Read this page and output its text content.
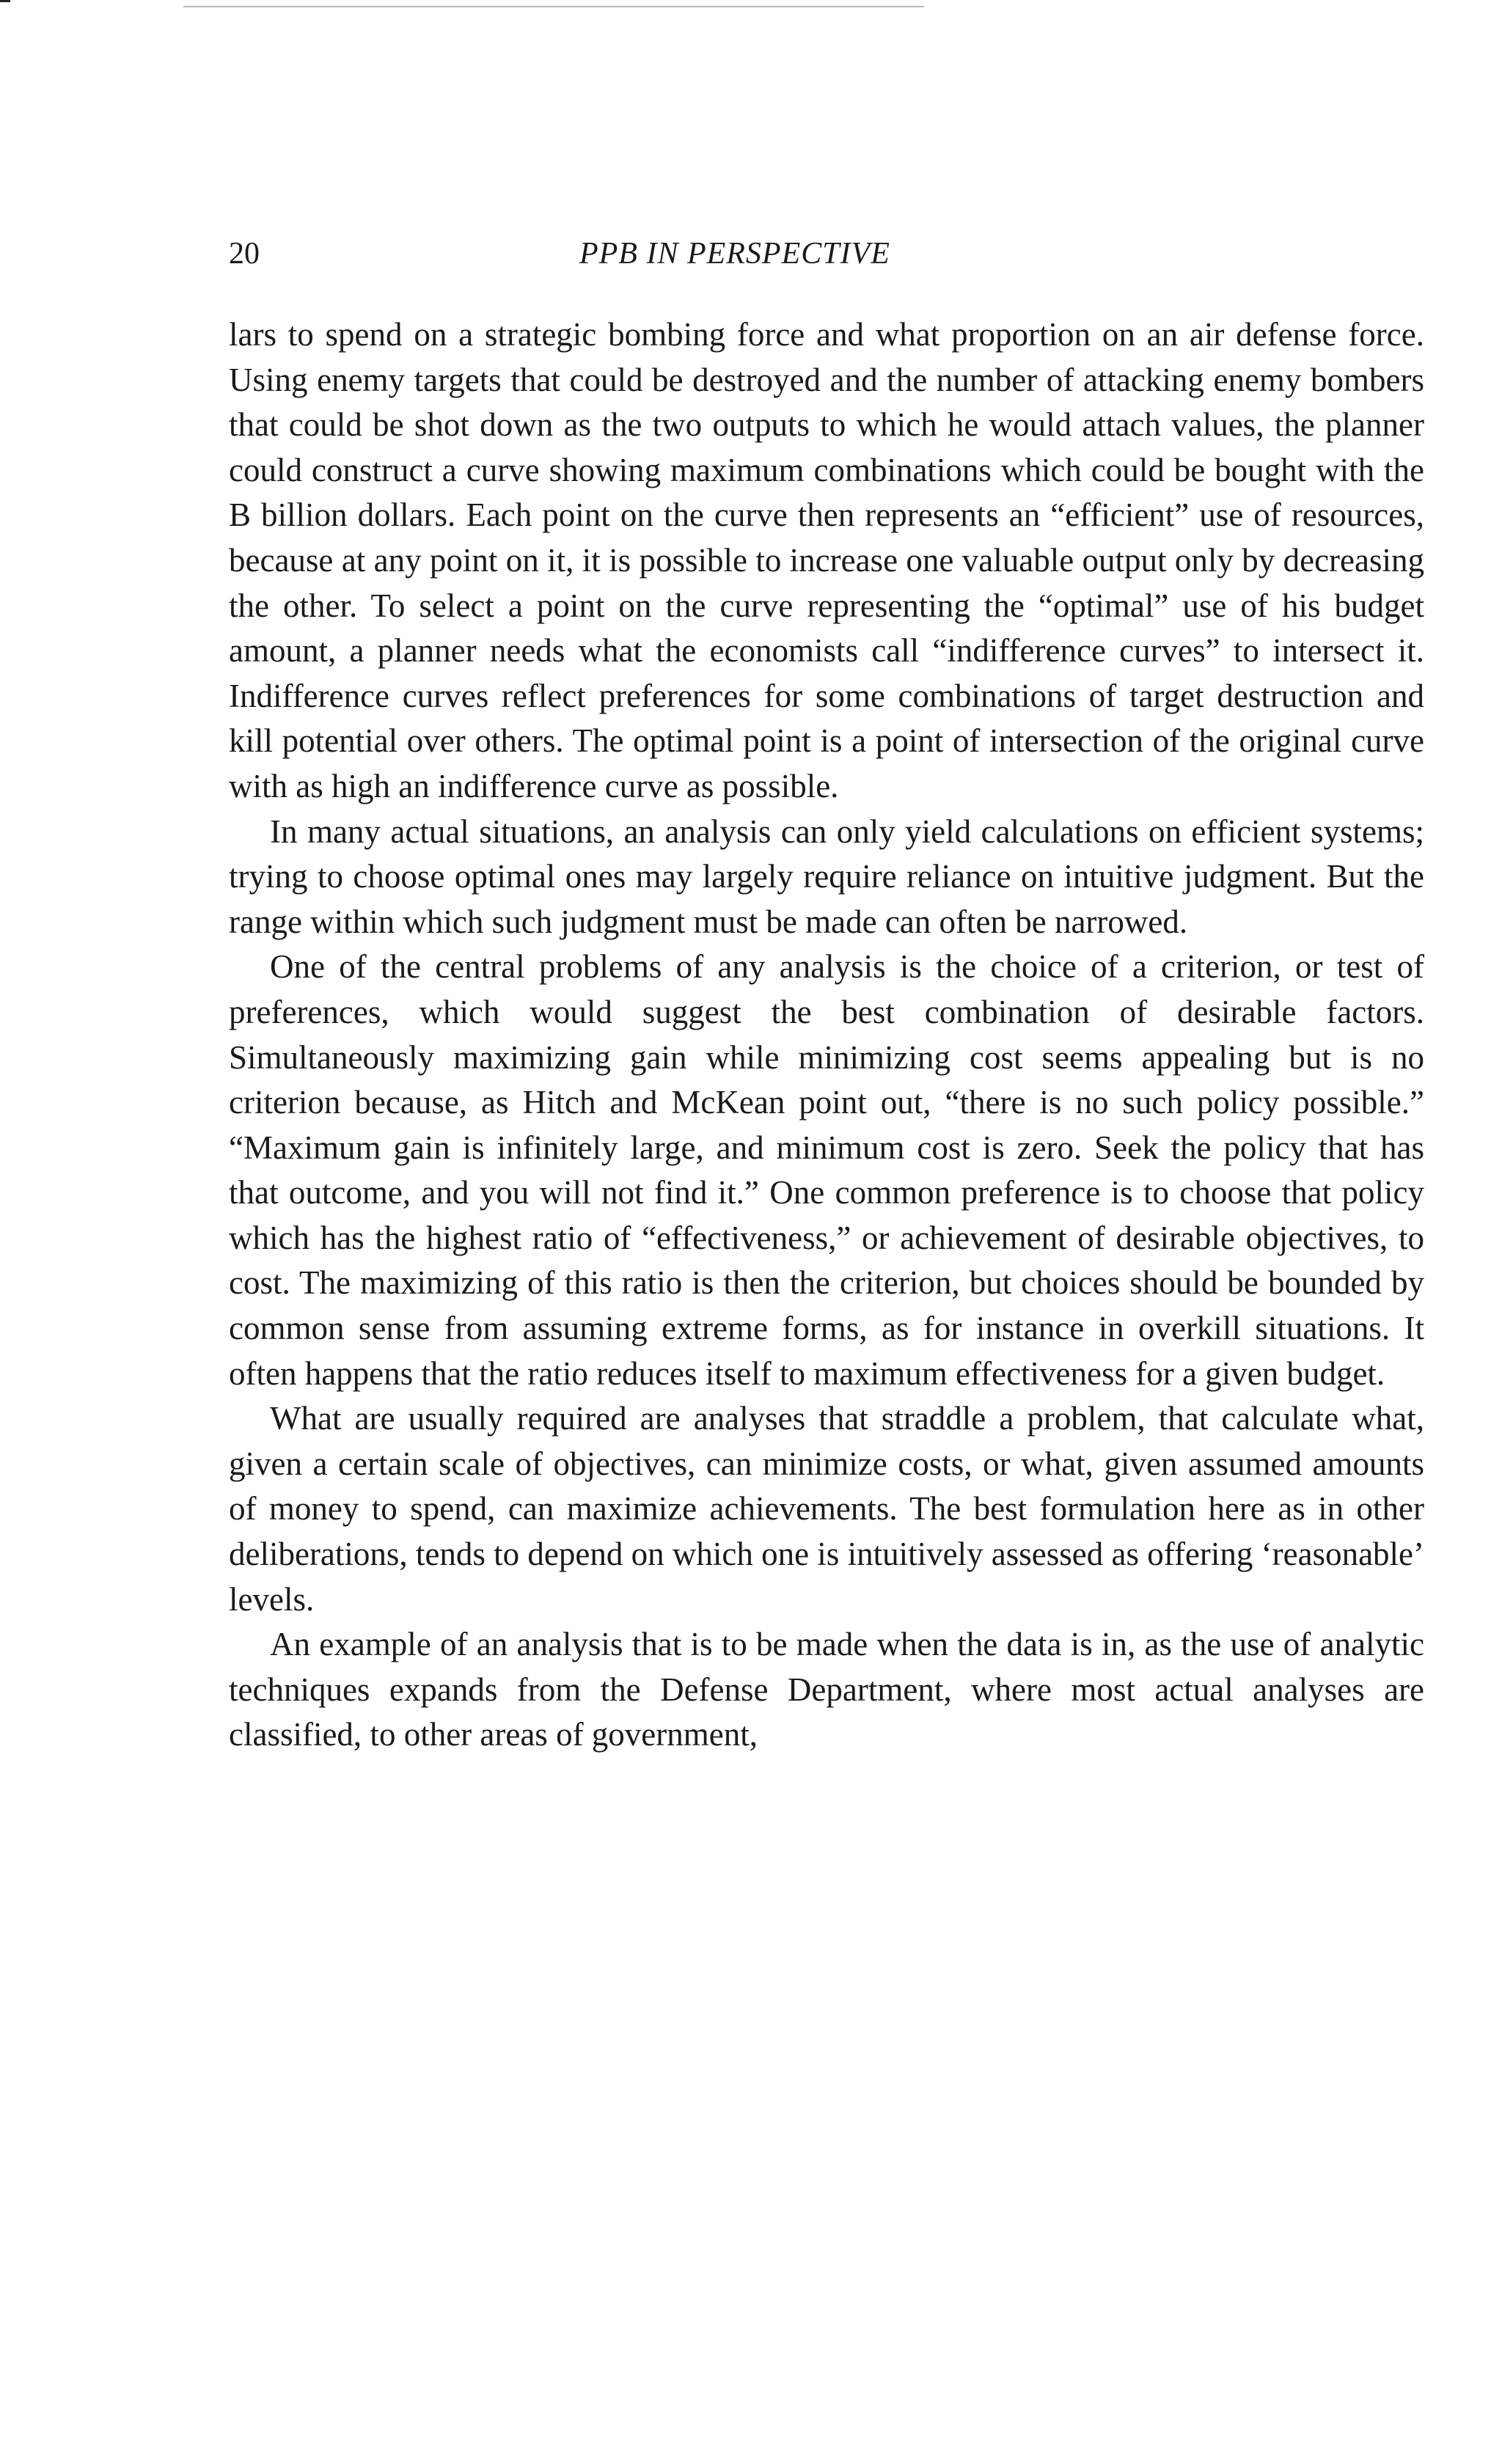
20	PPB IN PERSPECTIVE

lars to spend on a strategic bombing force and what proportion on an air defense force. Using enemy targets that could be destroyed and the number of attacking enemy bombers that could be shot down as the two outputs to which he would attach values, the planner could construct a curve showing maximum combinations which could be bought with the B billion dollars. Each point on the curve then represents an “efficient” use of resources, because at any point on it, it is possible to increase one valuable output only by decreasing the other. To select a point on the curve representing the “optimal” use of his budget amount, a planner needs what the economists call “indifference curves” to intersect it. Indifference curves reflect preferences for some combinations of target destruction and kill potential over others. The optimal point is a point of intersection of the original curve with as high an indifference curve as possible.

In many actual situations, an analysis can only yield calculations on efficient systems; trying to choose optimal ones may largely require reliance on intuitive judgment. But the range within which such judgment must be made can often be narrowed.

One of the central problems of any analysis is the choice of a criterion, or test of preferences, which would suggest the best combination of desirable factors. Simultaneously maximizing gain while minimizing cost seems appealing but is no criterion because, as Hitch and McKean point out, “there is no such policy possible.” “Maximum gain is infinitely large, and minimum cost is zero. Seek the policy that has that outcome, and you will not find it.” One common preference is to choose that policy which has the highest ratio of “effectiveness,” or achievement of desirable objectives, to cost. The maximizing of this ratio is then the criterion, but choices should be bounded by common sense from assuming extreme forms, as for instance in overkill situations. It often happens that the ratio reduces itself to maximum effectiveness for a given budget.

What are usually required are analyses that straddle a problem, that calculate what, given a certain scale of objectives, can minimize costs, or what, given assumed amounts of money to spend, can maximize achievements. The best formulation here as in other deliberations, tends to depend on which one is intuitively assessed as offering ‘reasonable’ levels.

An example of an analysis that is to be made when the data is in, as the use of analytic techniques expands from the Defense Department, where most actual analyses are classified, to other areas of government,
